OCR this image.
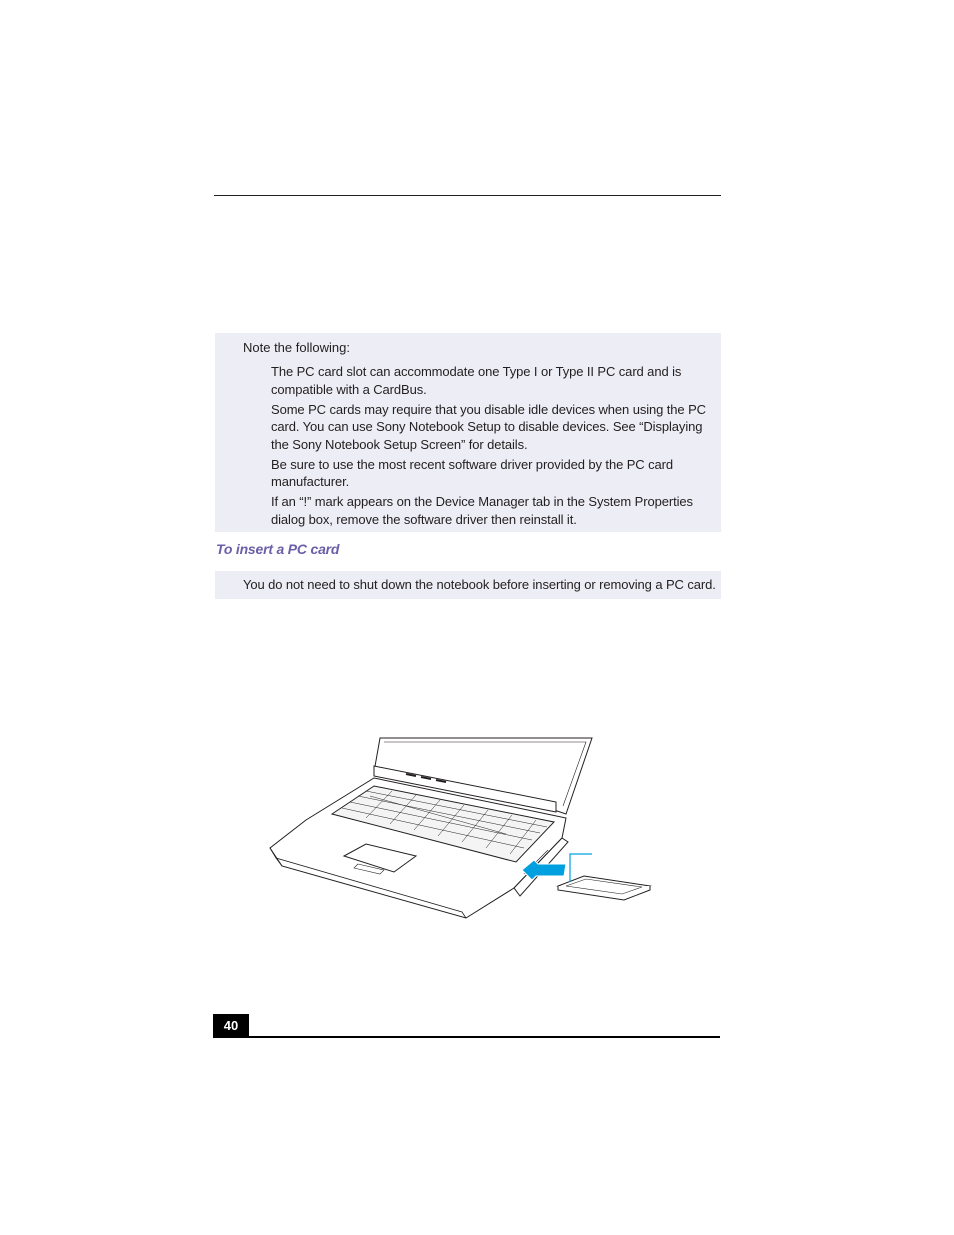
Note the following:
The PC card slot can accommodate one Type I or Type II PC card and is compatible with a CardBus.
Some PC cards may require that you disable idle devices when using the PC card. You can use Sony Notebook Setup to disable devices. See “Displaying the Sony Notebook Setup Screen” for details.
Be sure to use the most recent software driver provided by the PC card manufacturer.
If an “!” mark appears on the Device Manager tab in the System Properties dialog box, remove the software driver then reinstall it.
To insert a PC card
You do not need to shut down the notebook before inserting or removing a PC card.
40
